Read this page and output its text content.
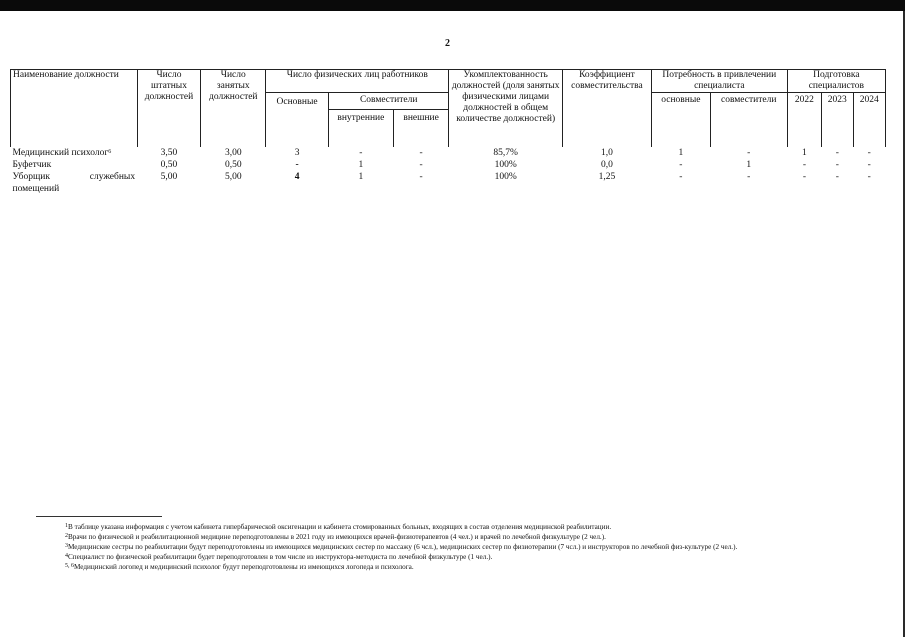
2
Наименование должности	Число штатных должностей	Число занятых должностей	Число физических лиц работников			Укомплектованность должностей (доля занятых физическими лицами должностей в общем количестве должностей)	Коэффициент совместительства	Потребность в привлечении специалиста		Подготовка специалистов		
			Основные	Совместители				основные	совместители	2022	2023	2024
				внутренние	внешние							
Медицинский психолог$^6$	3,50	3,00	3	-	-	85,7%	1,0	1	-	1	-	-
Буфетчик	0,50	0,50	-	1	-	100%	0,0	-	1	-	-	-

Уборщик служебных
помещений	5,00	5,00	4	1	-	100%	1,25	-	-	-	-	-

$^1$В таблице указана информация с учетом кабинета гипербарической оксигенации и кабинета стомированных больных, входящих в состав отделения медицинской реабилитации.

$^2$Врачи по физической и реабилитационной медицине переподготовлены в 2021 году из имеющихся врачей-физиотерапевтов (4 чел.) и врачей по лечебной физкультуре (2 чел.).

$^3$Медицинские сестры по реабилитации будут переподготовлены из имеющихся медицинских сестер по массажу (6 чсл.), медицинских сестер по физиотерапии (7 чсл.) и инструкторов по лечебной физ-культуре (2 чел.).

$^4$Специалист по физической реабилитации будет переподготовлен в том числе из инструктора-методиста по лечебной физкультуре (1 чел.).

$^{5, 6}$Медицинский логопед и медицинский психолог будут переподготовлены из имеющихся логопеда и психолога.
